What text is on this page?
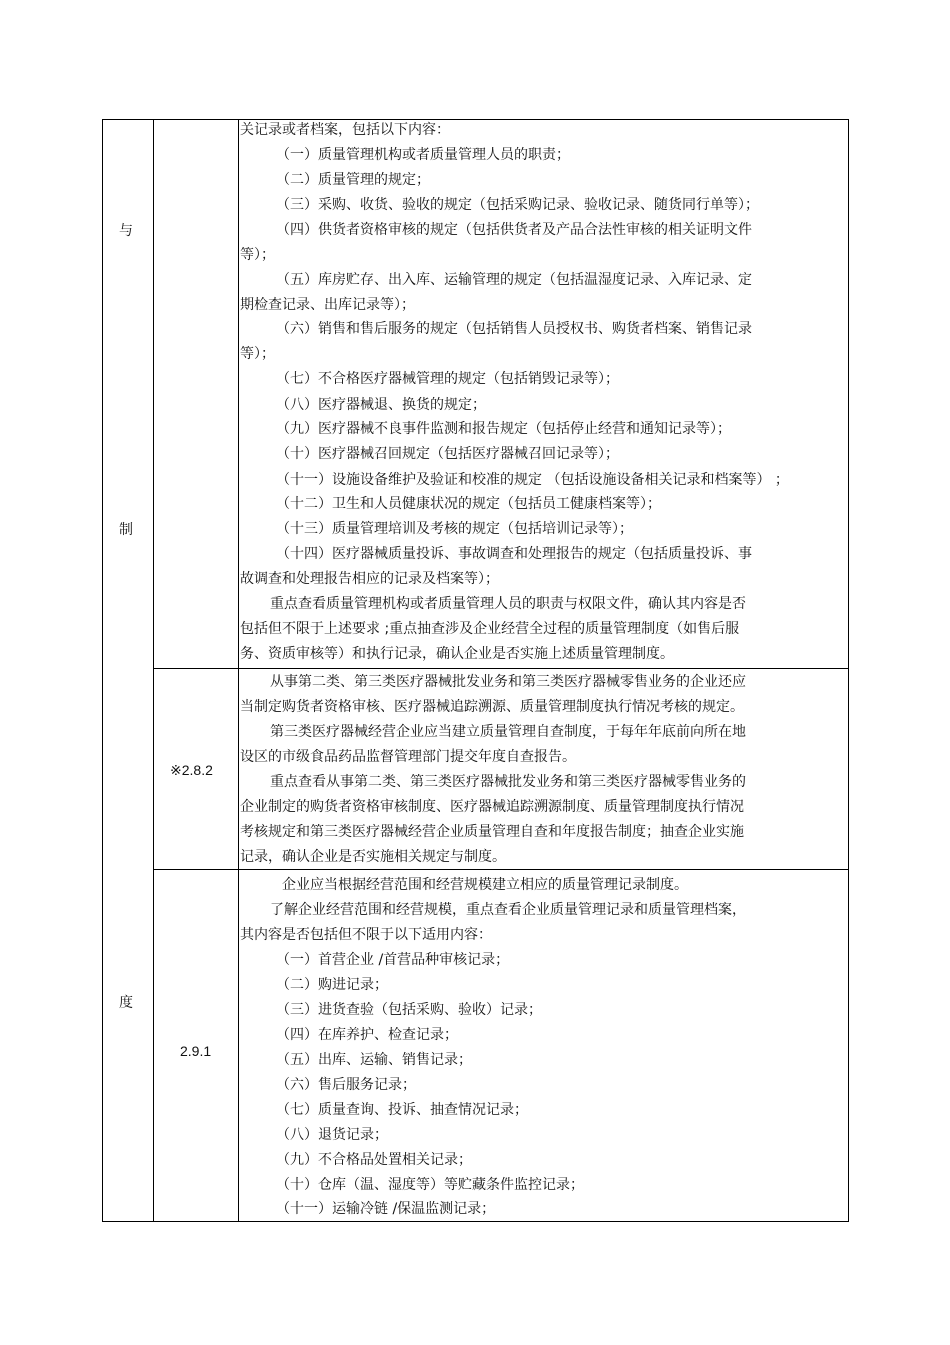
与
制
度
※2.8.2
2.9.1
关记录或者档案，包括以下内容：
（一）质量管理机构或者质量管理人员的职责；
（二）质量管理的规定；
（三）采购、收货、验收的规定（包括采购记录、验收记录、随货同行单等）；
（四）供货者资格审核的规定（包括供货者及产品合法性审核的相关证明文件
等）；
（五）库房贮存、出入库、运输管理的规定（包括温湿度记录、入库记录、定
期检查记录、出库记录等）；
（六）销售和售后服务的规定（包括销售人员授权书、购货者档案、销售记录
等）；
（七）不合格医疗器械管理的规定（包括销毁记录等）；
（八）医疗器械退、换货的规定；
（九）医疗器械不良事件监测和报告规定（包括停止经营和通知记录等）；
（十）医疗器械召回规定（包括医疗器械召回记录等）；
（十一）设施设备维护及验证和校准的规定 （包括设施设备相关记录和档案等） ；
（十二）卫生和人员健康状况的规定（包括员工健康档案等）；
（十三）质量管理培训及考核的规定（包括培训记录等）；
（十四）医疗器械质量投诉、事故调查和处理报告的规定（包括质量投诉、事
故调查和处理报告相应的记录及档案等）；
重点查看质量管理机构或者质量管理人员的职责与权限文件，确认其内容是否
包括但不限于上述要求 ;重点抽查涉及企业经营全过程的质量管理制度（如售后服
务、资质审核等）和执行记录，确认企业是否实施上述质量管理制度。
从事第二类、第三类医疗器械批发业务和第三类医疗器械零售业务的企业还应
当制定购货者资格审核、医疗器械追踪溯源、质量管理制度执行情况考核的规定。
第三类医疗器械经营企业应当建立质量管理自查制度，于每年年底前向所在地
设区的市级食品药品监督管理部门提交年度自查报告。
重点查看从事第二类、第三类医疗器械批发业务和第三类医疗器械零售业务的
企业制定的购货者资格审核制度、医疗器械追踪溯源制度、质量管理制度执行情况
考核规定和第三类医疗器械经营企业质量管理自查和年度报告制度；抽查企业实施
记录，确认企业是否实施相关规定与制度。
企业应当根据经营范围和经营规模建立相应的质量管理记录制度。
了解企业经营范围和经营规模，重点查看企业质量管理记录和质量管理档案，
其内容是否包括但不限于以下适用内容：
（一）首营企业 /首营品种审核记录；
（二）购进记录；
（三）进货查验（包括采购、验收）记录；
（四）在库养护、检查记录；
（五）出库、运输、销售记录；
（六）售后服务记录；
（七）质量查询、投诉、抽查情况记录；
（八）退货记录；
（九）不合格品处置相关记录；
（十）仓库（温、湿度等）等贮藏条件监控记录；
（十一）运输冷链 /保温监测记录；
